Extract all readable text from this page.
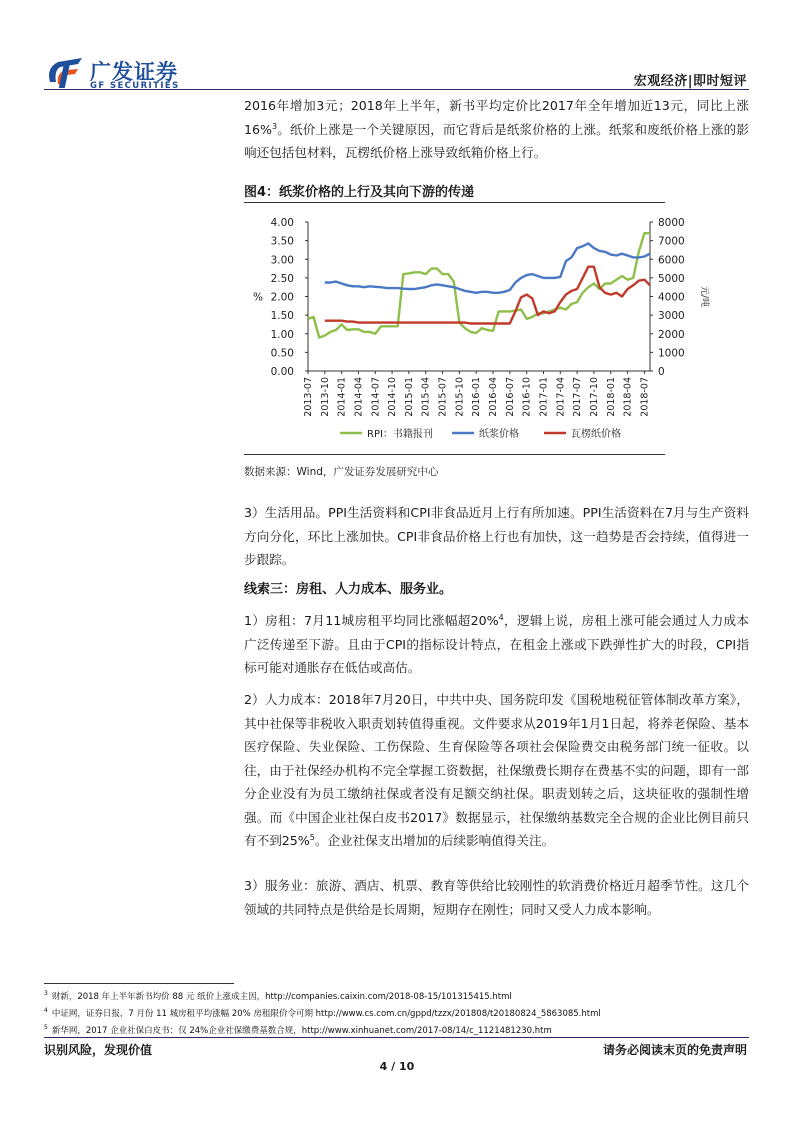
广发证券
GF SECURITIES	宏观经济|即时短评

2016年增加3元；2018年上半年，新书平均定价比2017年全年增加近13元，同比上涨16%$^3$。纸价上涨是一个关键原因，而它背后是纸浆价格的上涨。纸浆和废纸价格上涨的影响还包括包材料，瓦楞纸价格上涨导致纸箱价格上行。

图4：纸浆价格的上行及其向下游的传递
0.00
0.50
1.00
1.50
2.00
2.50
3.00
3.50
4.00
0
1000
2000
3000
4000
5000
6000
7000
8000
%	元/吨
2013-07 2013-10 2014-01 2014-04 2014-07 2014-10 2015-01 2015-04 2015-07 2015-10 2016-01 2016-04 2016-07 2016-10 2017-01 2017-04 2017-07 2017-10 2018-01 2018-04 2018-07
RPI：书籍报刊	纸浆价格	瓦楞纸价格
数据来源：Wind，广发证券发展研究中心

3）生活用品。PPI生活资料和CPI非食品近月上行有所加速。PPI生活资料在7月与生产资料方向分化，环比上涨加快。CPI非食品价格上行也有加快，这一趋势是否会持续，值得进一步跟踪。

线索三：房租、人力成本、服务业。

1）房租：7月11城房租平均同比涨幅超20%$^4$，逻辑上说，房租上涨可能会通过人力成本广泛传递至下游。且由于CPI的指标设计特点，在租金上涨或下跌弹性扩大的时段，CPI指标可能对通胀存在低估或高估。

2）人力成本：2018年7月20日，中共中央、国务院印发《国税地税征管体制改革方案》，其中社保等非税收入职责划转值得重视。文件要求从2019年1月1日起，将养老保险、基本医疗保险、失业保险、工伤保险、生育保险等各项社会保险费交由税务部门统一征收。以往，由于社保经办机构不完全掌握工资数据，社保缴费长期存在费基不实的问题，即有一部分企业没有为员工缴纳社保或者没有足额交纳社保。职责划转之后，这块征收的强制性增强。而《中国企业社保白皮书2017》数据显示，社保缴纳基数完全合规的企业比例目前只有不到25%$^5$。企业社保支出增加的后续影响值得关注。

3）服务业：旅游、酒店、机票、教育等供给比较刚性的软消费价格近月超季节性。这几个领域的共同特点是供给是长周期，短期存在刚性；同时又受人力成本影响。

$^3$ 财新，2018 年上半年新书均价 88 元 纸价上涨成主因，http://companies.caixin.com/2018-08-15/101315415.html
$^4$ 中证网，证券日报，7 月份 11 城房租平均涨幅 20% 房租限价令可期 http://www.cs.com.cn/gppd/tzzx/201808/t20180824_5863085.html
$^5$ 新华网，2017 企业社保白皮书：仅 24%企业社保缴费基数合规，http://www.xinhuanet.com/2017-08/14/c_1121481230.htm
识别风险，发现价值	请务必阅读末页的免责声明
4 / 10
